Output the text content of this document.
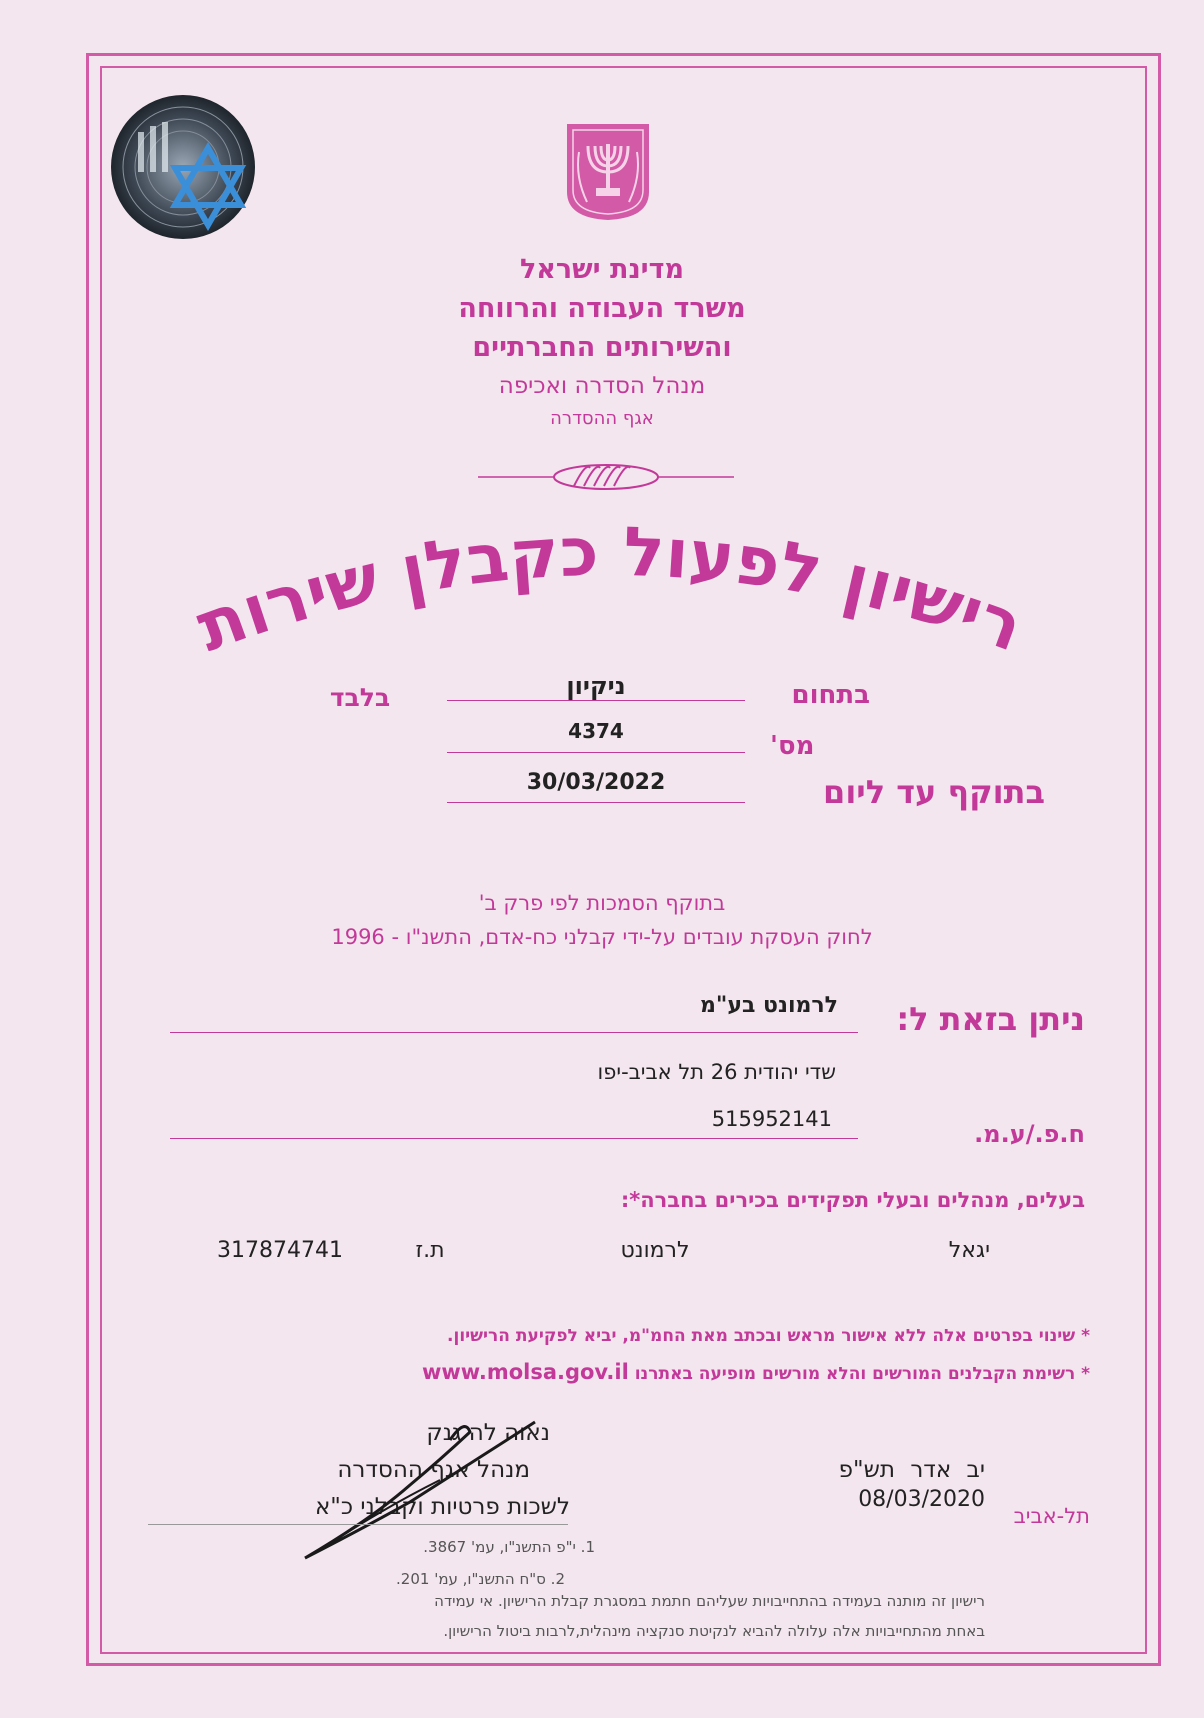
מדינת ישראל
משרד העבודה והרווחה
והשירותים החברתיים
מנהל הסדרה ואכיפה
אגף ההסדרה
רישיון לפעול כקבלן שירות
בתחום
ניקיון
בלבד
מס'
4374
בתוקף עד ליום
30/03/2022
בתוקף הסמכות לפי פרק ב'
לחוק העסקת עובדים על-ידי קבלני כח-אדם, התשנ"ו - 1996
ניתן בזאת ל:
לרמונט בע"מ
שדי יהודית 26 תל אביב-יפו
515952141
ח.פ./ע.מ.
בעלים, מנהלים ובעלי תפקידים בכירים בחברה*:
יגאל
לרמונט
ת.ז
317874741
* שינוי בפרטים אלה ללא אישור מראש ובכתב מאת החמ"מ, יביא לפקיעת הרישיון.
* רשימת הקבלנים המורשים והלא מורשים מופיעה באתרנו www.molsa.gov.il
נאוה לה גנק
מנהל אגף ההסדרה
לשכות פרטיות וקבלני כ"א
יב אדר תש"פ
08/03/2020
תל-אביב
1. י"פ התשנ"ו, עמ' 3867.
2. ס"ח התשנ"ו, עמ' 201.
רישיון זה מותנה בעמידה בהתחייבויות שעליהם חתמת במסגרת קבלת הרישיון. אי עמידה
באחת מהתחייבויות אלה עלולה להביא לנקיטת סנקציה מינהלית,לרבות ביטול הרישיון.
